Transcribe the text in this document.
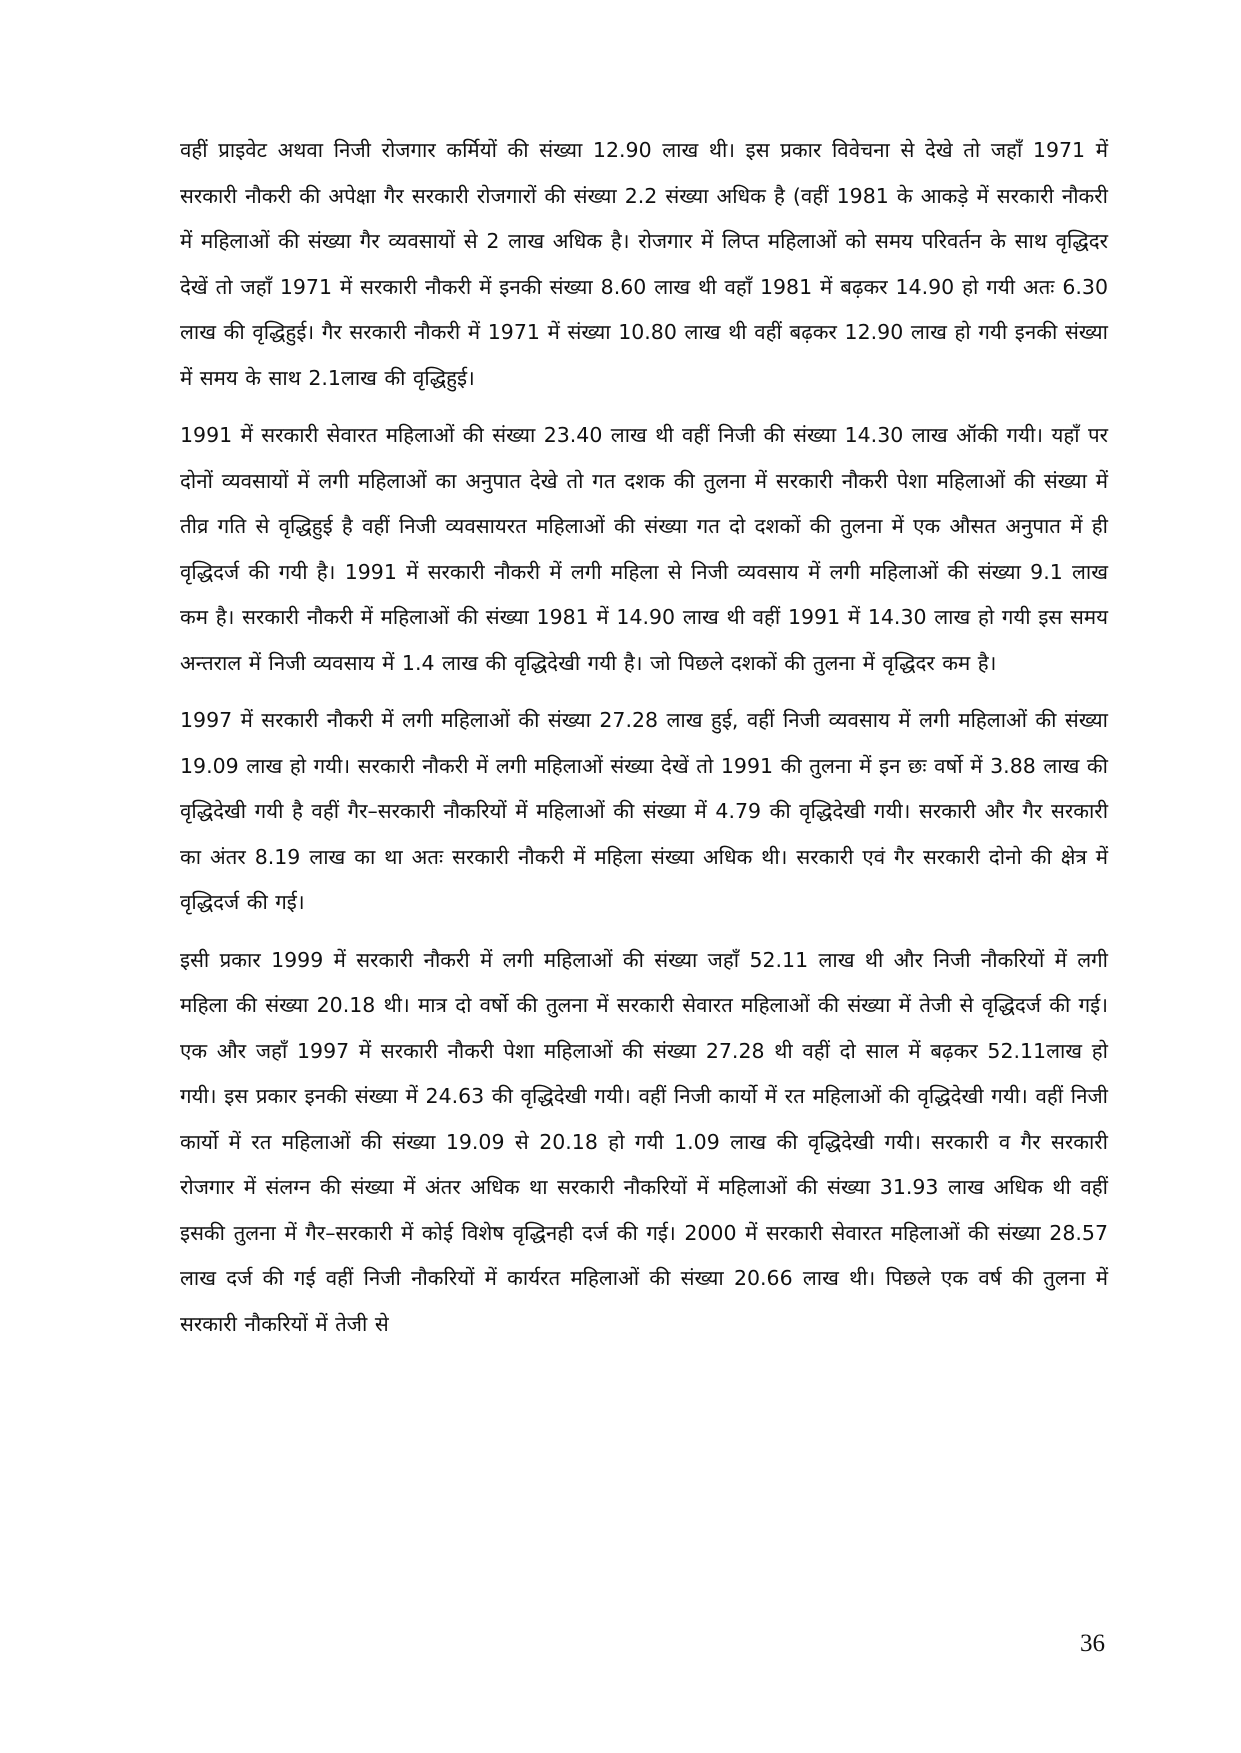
वहीं प्राइवेट अथवा निजी रोजगार कर्मियों की संख्या 12.90 लाख थी। इस प्रकार विवेचना से देखे तो जहॉं 1971 में सरकारी नौकरी की अपेक्षा गैर सरकारी रोजगारों की संख्या 2.2 संख्या अधिक है (वहीं 1981 के आकड़े में सरकारी नौकरी में महिलाओं की संख्या गैर व्यवसायों से 2 लाख अधिक है। रोजगार में लिप्त महिलाओं को समय परिवर्तन के साथ वृद्धिदर देखें तो जहॉं 1971 में सरकारी नौकरी में इनकी संख्या 8.60 लाख थी वहॉं 1981 में बढ़कर 14.90 हो गयी अतः 6.30 लाख की वृद्धिहुई। गैर सरकारी नौकरी में 1971 में संख्या 10.80 लाख थी वहीं बढ़कर 12.90 लाख हो गयी इनकी संख्या में समय के साथ 2.1लाख की वृद्धिहुई।

1991 में सरकारी सेवारत महिलाओं की संख्या 23.40 लाख थी वहीं निजी की संख्या 14.30 लाख ऑकी गयी। यहॉं पर दोनों व्यवसायों में लगी महिलाओं का अनुपात देखे तो गत दशक की तुलना में सरकारी नौकरी पेशा महिलाओं की संख्या में तीव्र गति से वृद्धिहुई है वहीं निजी व्यवसायरत महिलाओं की संख्या गत दो दशकों की तुलना में एक औसत अनुपात में ही वृद्धिदर्ज की गयी है। 1991 में सरकारी नौकरी में लगी महिला से निजी व्यवसाय में लगी महिलाओं की संख्या 9.1 लाख कम है। सरकारी नौकरी में महिलाओं की संख्या 1981 में 14.90 लाख थी वहीं 1991 में 14.30 लाख हो गयी इस समय अन्तराल में निजी व्यवसाय में 1.4 लाख की वृद्धिदेखी गयी है। जो पिछले दशकों की तुलना में वृद्धिदर कम है।

1997 में सरकारी नौकरी में लगी महिलाओं की संख्या 27.28 लाख हुई, वहीं निजी व्यवसाय में लगी महिलाओं की संख्या 19.09 लाख हो गयी। सरकारी नौकरी में लगी महिलाओं संख्या देखें तो 1991 की तुलना में इन छः वर्षो में 3.88 लाख की वृद्धिदेखी गयी है वहीं गैर–सरकारी नौकरियों में महिलाओं की संख्या में 4.79 की वृद्धिदेखी गयी। सरकारी और गैर सरकारी का अंतर 8.19 लाख का था अतः सरकारी नौकरी में महिला संख्या अधिक थी। सरकारी एवं गैर सरकारी दोनो की क्षेत्र में वृद्धिदर्ज की गई।

इसी प्रकार 1999 में सरकारी नौकरी में लगी महिलाओं की संख्या जहॉं 52.11 लाख थी और निजी नौकरियों में लगी महिला की संख्या 20.18 थी। मात्र दो वर्षो की तुलना में सरकारी सेवारत महिलाओं की संख्या में तेजी से वृद्धिदर्ज की गई। एक और जहॉं 1997 में सरकारी नौकरी पेशा महिलाओं की संख्या 27.28 थी वहीं दो साल में बढ़कर 52.11लाख हो गयी। इस प्रकार इनकी संख्या में 24.63 की वृद्धिदेखी गयी। वहीं निजी कार्यो में रत महिलाओं की वृद्धिदेखी गयी। वहीं निजी कार्यो में रत महिलाओं की संख्या 19.09 से 20.18 हो गयी 1.09 लाख की वृद्धिदेखी गयी। सरकारी व गैर सरकारी रोजगार में संलग्न की संख्या में अंतर अधिक था सरकारी नौकरियों में महिलाओं की संख्या 31.93 लाख अधिक थी वहीं इसकी तुलना में गैर–सरकारी में कोई विशेष वृद्धिनही दर्ज की गई। 2000 में सरकारी सेवारत महिलाओं की संख्या 28.57 लाख दर्ज की गई वहीं निजी नौकरियों में कार्यरत महिलाओं की संख्या 20.66 लाख थी। पिछले एक वर्ष की तुलना में सरकारी नौकरियों में तेजी से

36
